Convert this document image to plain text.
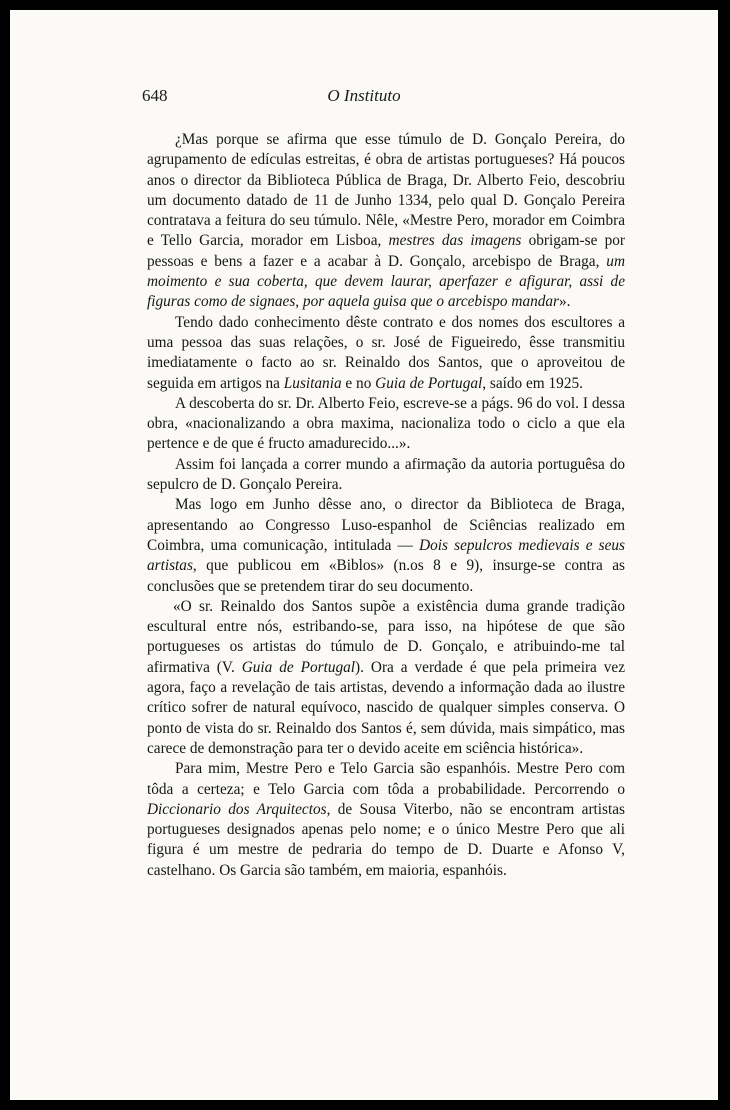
648	O Instituto

¿Mas porque se afirma que esse túmulo de D. Gonçalo Pereira, do agrupamento de edículas estreitas, é obra de artistas portugueses? Há poucos anos o director da Biblioteca Pública de Braga, Dr. Alberto Feio, descobriu um documento datado de 11 de Junho 1334, pelo qual D. Gonçalo Pereira contratava a feitura do seu túmulo. Nêle, «Mestre Pero, morador em Coimbra e Tello Garcia, morador em Lisboa, mestres das imagens obrigam-se por pessoas e bens a fazer e a acabar à D. Gonçalo, arcebispo de Braga, um moimento e sua coberta, que devem laurar, aperfazer e afigurar, assi de figuras como de signaes, por aquela guisa que o arcebispo mandar».

Tendo dado conhecimento dêste contrato e dos nomes dos escultores a uma pessoa das suas relações, o sr. José de Figueiredo, êsse transmitiu imediatamente o facto ao sr. Reinaldo dos Santos, que o aproveitou de seguida em artigos na Lusitania e no Guia de Portugal, saído em 1925.

A descoberta do sr. Dr. Alberto Feio, escreve-se a págs. 96 do vol. I dessa obra, «nacionalizando a obra maxima, nacionaliza todo o ciclo a que ela pertence e de que é fructo amadurecido...».

Assim foi lançada a correr mundo a afirmação da autoria portuguêsa do sepulcro de D. Gonçalo Pereira.

Mas logo em Junho dêsse ano, o director da Biblioteca de Braga, apresentando ao Congresso Luso-espanhol de Sciências realizado em Coimbra, uma comunicação, intitulada — Dois sepulcros medievais e seus artistas, que publicou em «Biblos» (n.os 8 e 9), insurge-se contra as conclusões que se pretendem tirar do seu documento.

«O sr. Reinaldo dos Santos supõe a existência duma grande tradição escultural entre nós, estribando-se, para isso, na hipótese de que são portugueses os artistas do túmulo de D. Gonçalo, e atribuindo-me tal afirmativa (V. Guia de Portugal). Ora a verdade é que pela primeira vez agora, faço a revelação de tais artistas, devendo a informação dada ao ilustre crítico sofrer de natural equívoco, nascido de qualquer simples conserva. O ponto de vista do sr. Reinaldo dos Santos é, sem dúvida, mais simpático, mas carece de demonstração para ter o devido aceite em sciência histórica».

Para mim, Mestre Pero e Telo Garcia são espanhóis. Mestre Pero com tôda a certeza; e Telo Garcia com tôda a probabilidade. Percorrendo o Diccionario dos Arquitectos, de Sousa Viterbo, não se encontram artistas portugueses designados apenas pelo nome; e o único Mestre Pero que ali figura é um mestre de pedraria do tempo de D. Duarte e Afonso V, castelhano. Os Garcia são também, em maioria, espanhóis.
